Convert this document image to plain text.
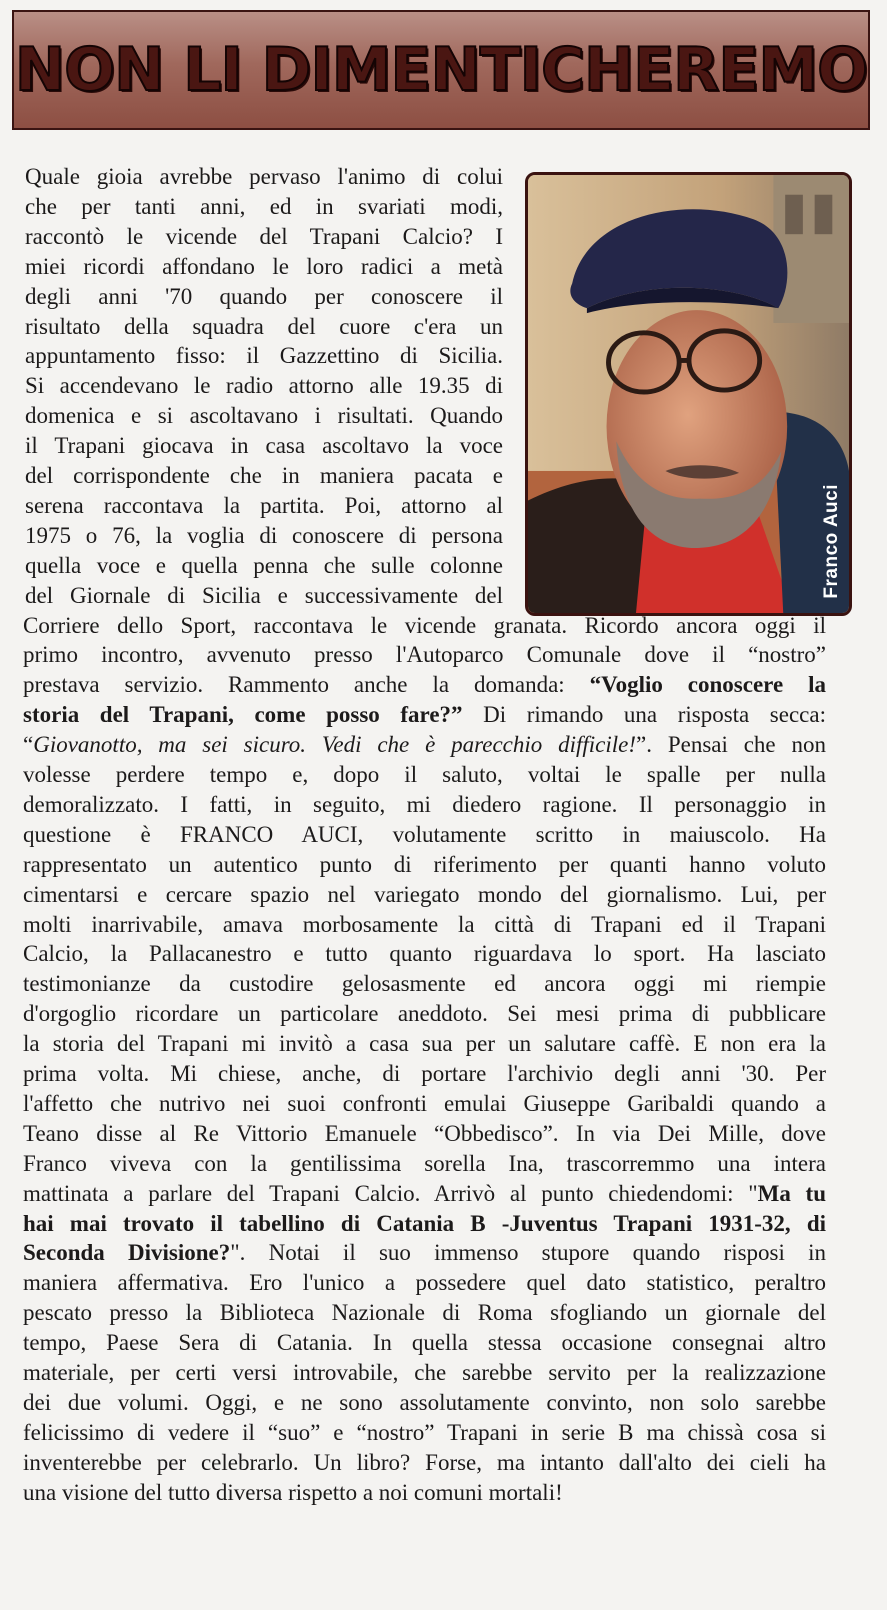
NON LI DIMENTICHEREMO
Franco Auci
Quale gioia avrebbe pervaso l'animo di colui
che per tanti anni, ed in svariati modi,
raccontò le vicende del Trapani Calcio? I
miei ricordi affondano le loro radici a metà
degli anni '70 quando per conoscere il
risultato della squadra del cuore c'era un
appuntamento fisso: il Gazzettino di Sicilia.
Si accendevano le radio attorno alle 19.35 di
domenica e si ascoltavano i risultati. Quando
il Trapani giocava in casa ascoltavo la voce
del corrispondente che in maniera pacata e
serena raccontava la partita. Poi, attorno al
1975 o 76, la voglia di conoscere di persona
quella voce e quella penna che sulle colonne
del Giornale di Sicilia e successivamente del
Corriere dello Sport, raccontava le vicende granata. Ricordo ancora oggi il
primo incontro, avvenuto presso l'Autoparco Comunale dove il “nostro”
prestava servizio. Rammento anche la domanda: “Voglio conoscere la
storia del Trapani, come posso fare?” Di rimando una risposta secca:
“Giovanotto, ma sei sicuro. Vedi che è parecchio difficile!”. Pensai che non
volesse perdere tempo e, dopo il saluto, voltai le spalle per nulla
demoralizzato. I fatti, in seguito, mi diedero ragione. Il personaggio in
questione è FRANCO AUCI, volutamente scritto in maiuscolo. Ha
rappresentato un autentico punto di riferimento per quanti hanno voluto
cimentarsi e cercare spazio nel variegato mondo del giornalismo. Lui, per
molti inarrivabile, amava morbosamente la città di Trapani ed il Trapani
Calcio, la Pallacanestro e tutto quanto riguardava lo sport. Ha lasciato
testimonianze da custodire gelosasmente ed ancora oggi mi riempie
d'orgoglio ricordare un particolare aneddoto. Sei mesi prima di pubblicare
la storia del Trapani mi invitò a casa sua per un salutare caffè. E non era la
prima volta. Mi chiese, anche, di portare l'archivio degli anni '30. Per
l'affetto che nutrivo nei suoi confronti emulai Giuseppe Garibaldi quando a
Teano disse al Re Vittorio Emanuele “Obbedisco”. In via Dei Mille, dove
Franco viveva con la gentilissima sorella Ina, trascorremmo una intera
mattinata a parlare del Trapani Calcio. Arrivò al punto chiedendomi: "Ma tu
hai mai trovato il tabellino di Catania B -Juventus Trapani 1931-32, di
Seconda Divisione?". Notai il suo immenso stupore quando risposi in
maniera affermativa. Ero l'unico a possedere quel dato statistico, peraltro
pescato presso la Biblioteca Nazionale di Roma sfogliando un giornale del
tempo, Paese Sera di Catania. In quella stessa occasione consegnai altro
materiale, per certi versi introvabile, che sarebbe servito per la realizzazione
dei due volumi. Oggi, e ne sono assolutamente convinto, non solo sarebbe
felicissimo di vedere il “suo” e “nostro” Trapani in serie B ma chissà cosa si
inventerebbe per celebrarlo. Un libro? Forse, ma intanto dall'alto dei cieli ha
una visione del tutto diversa rispetto a noi comuni mortali!
